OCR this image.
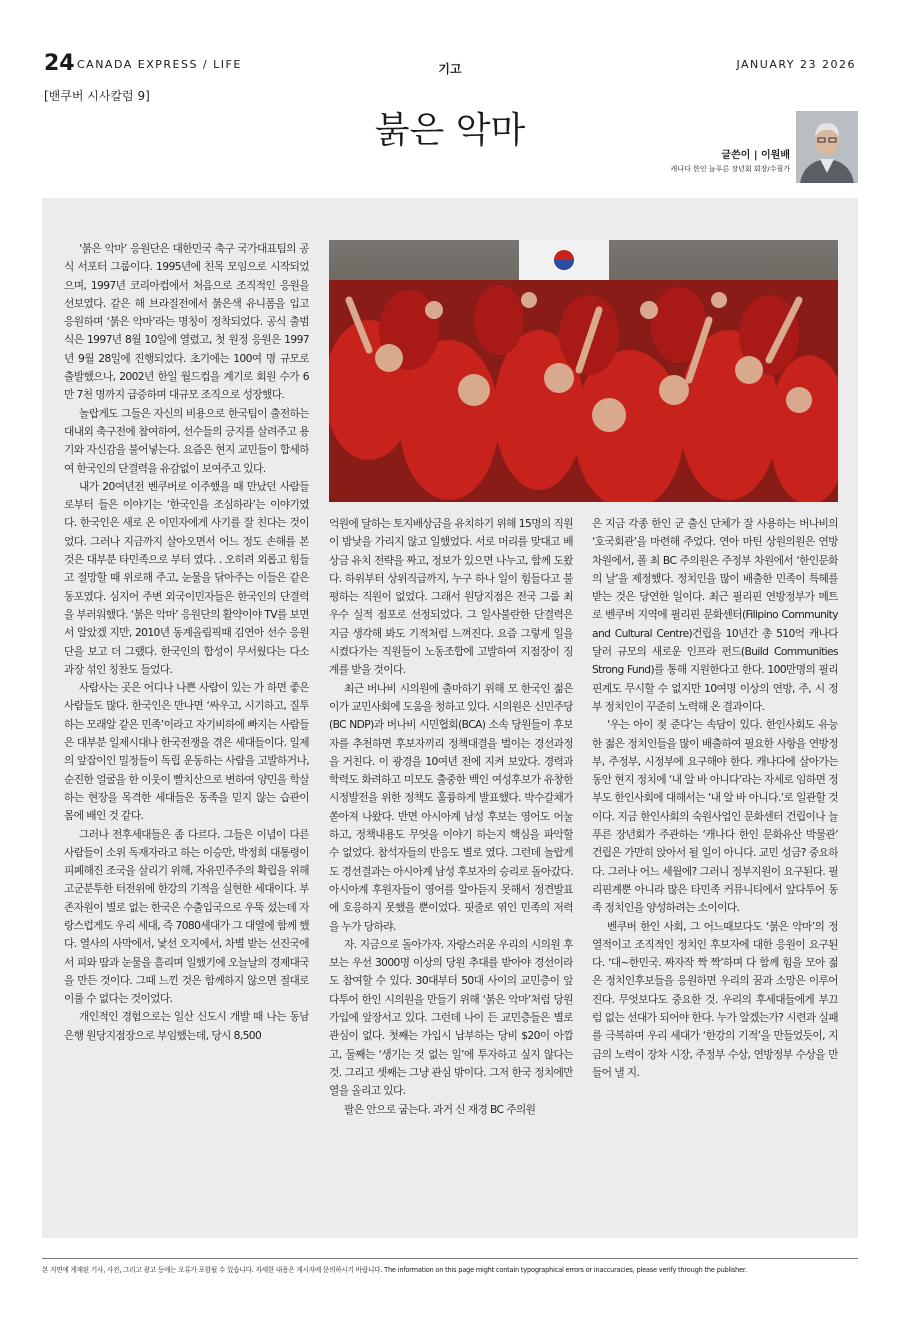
24 CANADA EXPRESS / LIFE	기고	JANUARY 23 2026
[밴쿠버 시사칼럼 9]
붉은 악마
글쓴이 | 이원배
캐나다 한인 늘푸른 장년회 회장/수필가

‘붉은 악마’ 응원단은 대한민국 축구 국가대표팀의 공식 서포터 그룹이다. 1995년에 친목 모임으로 시작되었으며, 1997년 코리아컵에서 처음으로 조직적인 응원을 선보였다. 같은 해 브라질전에서 붉은색 유니폼을 입고 응원하며 ‘붉은 악마’라는 명칭이 정착되었다. 공식 출범식은 1997년 8월 10일에 열렸고, 첫 원정 응원은 1997년 9월 28일에 진행되었다. 초기에는 100여 명 규모로 출발했으나, 2002년 한일 월드컵을 계기로 회원 수가 6만 7천 명까지 급증하며 대규모 조직으로 성장했다.

놀랍게도 그들은 자신의 비용으로 한국팀이 출전하는 대내외 축구전에 참여하여, 선수들의 긍지를 살려주고 용기와 자신감을 불어넣는다. 요즘은 현지 교민들이 합세하여 한국인의 단결력을 유감없이 보여주고 있다.

내가 20여년전 벤쿠버로 이주했을 때 만났던 사람들로부터 들은 이야기는 ‘한국인을 조심하라’는 이야기였다. 한국인은 새로 온 이민자에게 사기를 잘 친다는 것이었다. 그러나 지금까지 살아오면서 어느 정도 손해를 본 것은 대부분 타민족으로 부터 였다. . 오히려 외롭고 힘들고 절망할 때 위로해 주고, 눈물을 닦아주는 이들은 같은 동포였다. 심지어 주변 외국이민자들은 한국인의 단결력을 부러워했다. ‘붉은 악마’ 응원단의 활약이야 TV를 보면서 알았겠 지만, 2010년 동계올림픽때 김연아 선수 응원단을 보고 더 그랬다. 한국인의 합성이 무서웠다는 다소 과장 섞인 칭찬도 들었다.

사람사는 곳은 어디나 나쁜 사람이 있는 가 하면 좋은 사람들도 많다. 한국인은 만나면 ‘싸우고, 시기하고, 질투하는 모래알 같은 민족’이라고 자기비하에 빠지는 사람들은 대부분 일제시대나 한국전쟁을 겪은 세대들이다. 일제의 앞잡이인 밀정들이 독립 운동하는 사람을 고발하거나, 순진한 얼굴을 한 이웃이 빨치산으로 변하여 양민을 학살하는 현장을 목격한 세대들은 동족을 믿지 않는 습관이 몸에 배인 것 같다.

그러나 전후세대들은 좀 다르다. 그들은 이념이 다른 사람들이 소위 독재자라고 하는 이승만, 박정희 대통령이 피폐해진 조국을 살리기 위해, 자유민주주의 확립을 위해 고군분투한 터전위에 한강의 기적을 실현한 세대이다. 부존자원이 별로 없는 한국은 수출입국으로 우뚝 섰는데 자랑스럽게도 우리 세대, 즉 7080세대가 그 대열에 함께 했다. 열사의 사막에서, 낯선 오지에서, 차별 받는 선진국에서 피와 땀과 눈물을 흘리며 일했기에 오늘날의 경제대국을 만든 것이다. 그때 느낀 것은 함께하지 않으면 절대로 이룰 수 없다는 것이었다.

개인적인 경험으로는 일산 신도시 개발 때 나는 동남은행 원당지점장으로 부임했는데, 당시 8,500

억원에 달하는 토지배상금을 유치하기 위해 15명의 직원이 밤낮을 가리지 않고 일했었다. 서로 머리를 맞대고 배상금 유치 전략을 짜고, 정보가 있으면 나누고, 함께 도왔다. 하위부터 상위직급까지, 누구 하나 일이 힘들다고 불평하는 직원이 없었다. 그래서 원당지점은 전국 그룹 최우수 실적 점포로 선정되었다. 그 일사불란한 단결력은 지금 생각해 봐도 기적처럼 느껴진다. 요즘 그렇게 일을 시켰다가는 직원들이 노동조합에 고발하여 지점장이 징계를 받을 것이다.

최근 버나비 시의원에 출마하기 위해 모 한국인 젊은이가 교민사회에 도움을 청하고 있다. 시의원은 신민주당(BC NDP)과 버나비 시민협회(BCA) 소속 당원들이 후보자를 추천하면 후보자끼리 정책대결을 벌이는 경선과정을 거친다. 이 광경을 10여년 전에 지켜 보았다. 경력과 학력도 화려하고 미모도 출중한 백인 여성후보가 유창한 시정발전을 위한 정책도 훌륭하게 발표했다. 박수갈채가 쏟아져 나왔다. 반면 아시아계 남성 후보는 영어도 어눌하고, 정책내용도 무엇을 이야기 하는지 핵심을 파악할 수 없었다. 참석자들의 반응도 별로 였다. 그런데 놀랍게도 경선결과는 아시아계 남성 후보자의 승리로 돌아갔다. 아시아계 후원자들이 영어를 알아듣지 못해서 정견발표에 호응하지 못했을 뿐이었다. 핏줄로 엮인 민족의 저력을 누가 당하랴.

자. 지금으로 돌아가자. 자랑스러운 우리의 시의원 후보는 우선 3000명 이상의 당원 추대를 받아야 경선이라도 참여할 수 있다. 30대부터 50대 사이의 교민층이 앞다투어 한인 시의원을 만들기 위해 ‘붉은 악마’처럼 당원가입에 앞장서고 있다. 그런데 나이 든 교민층들은 별로 관심이 없다. 첫째는 가입시 납부하는 당비 $20이 아깝고, 둘째는 ‘생기는 것 없는 일’에 투자하고 싶지 않다는 것. 그리고 셋째는 그냥 관심 밖이다. 그저 한국 정치에만 열을 올리고 있다.

팔은 안으로 굽는다. 과거 신 재경 BC 주의원

은 지금 각종 한인 군 출신 단체가 잘 사용하는 버나비의 ‘호국회관’을 마련해 주었다. 연아 마틴 상원의원은 연방차원에서, 폴 최 BC 주의원은 주정부 차원에서 ‘한인문화의 날’을 제정했다. 정치인을 많이 배출한 민족이 특혜를 받는 것은 당연한 일이다. 최근 필리핀 연방정부가 메트로 벤쿠버 지역에 필리핀 문화센터(Filipino Community and Cultural Centre)건립을 10년간 총 510억 캐나다 달러 규모의 새로운 인프라 펀드(Build Communities Strong Fund)를 통해 지원한다고 한다. 100만명의 필리핀계도 무시할 수 없지만 10여명 이상의 연방, 주, 시 정부 정치인이 꾸준히 노력해 온 결과이다.

‘우는 아이 젖 준다’는 속담이 있다. 한인사회도 유능한 젊은 정치인들을 많이 배출하여 필요한 사항을 연방정부, 주정부, 시정부에 요구해야 한다. 캐나다에 살아가는 동안 현지 정치에 ‘내 알 바 아니다’라는 자세로 임하면 정부도 한인사회에 대해서는 ‘내 알 바 아니다.’로 일관할 것이다. 지금 한인사회의 숙원사업인 문화센터 건립이나 늘푸른 장년회가 주관하는 ‘캐나다 한인 문화유산 박물관’ 건립은 가만히 앉아서 될 일이 아니다. 교민 성금? 중요하다. 그러나 어느 세월에? 그러니 정부지원이 요구된다. 필리핀계뿐 아니라 많은 타민족 커뮤니티에서 앞다투어 동족 정치인을 양성하려는 소이이다.

벤쿠버 한인 사회, 그 어느때보다도 ‘붉은 악마’의 정열적이고 조직적인 정치인 후보자에 대한 응원이 요구된다. ‘대~한민국. 짜자작 짝 짝’하며 다 함께 힘을 모아 젊은 정치인후보들을 응원하면 우리의 꿈과 소망은 이루어 진다. 무엇보다도 중요한 것. 우리의 후세대들에게 부끄럼 없는 선대가 되어야 한다. 누가 알겠는가? 시련과 실패를 극복하며 우리 세대가 ‘한강의 기적’을 만들었듯이, 지금의 노력이 장차 시장, 주정부 수상, 연방정부 수상을 만들어 낼 지.

본 지면에 게재된 기사, 사진, 그리고 광고 등에는 오류가 포함될 수 있습니다. 자세한 내용은 게시자에 문의하시기 바랍니다. The information on this page might contain typographical errors or inaccuracies, please verify through the publisher.
